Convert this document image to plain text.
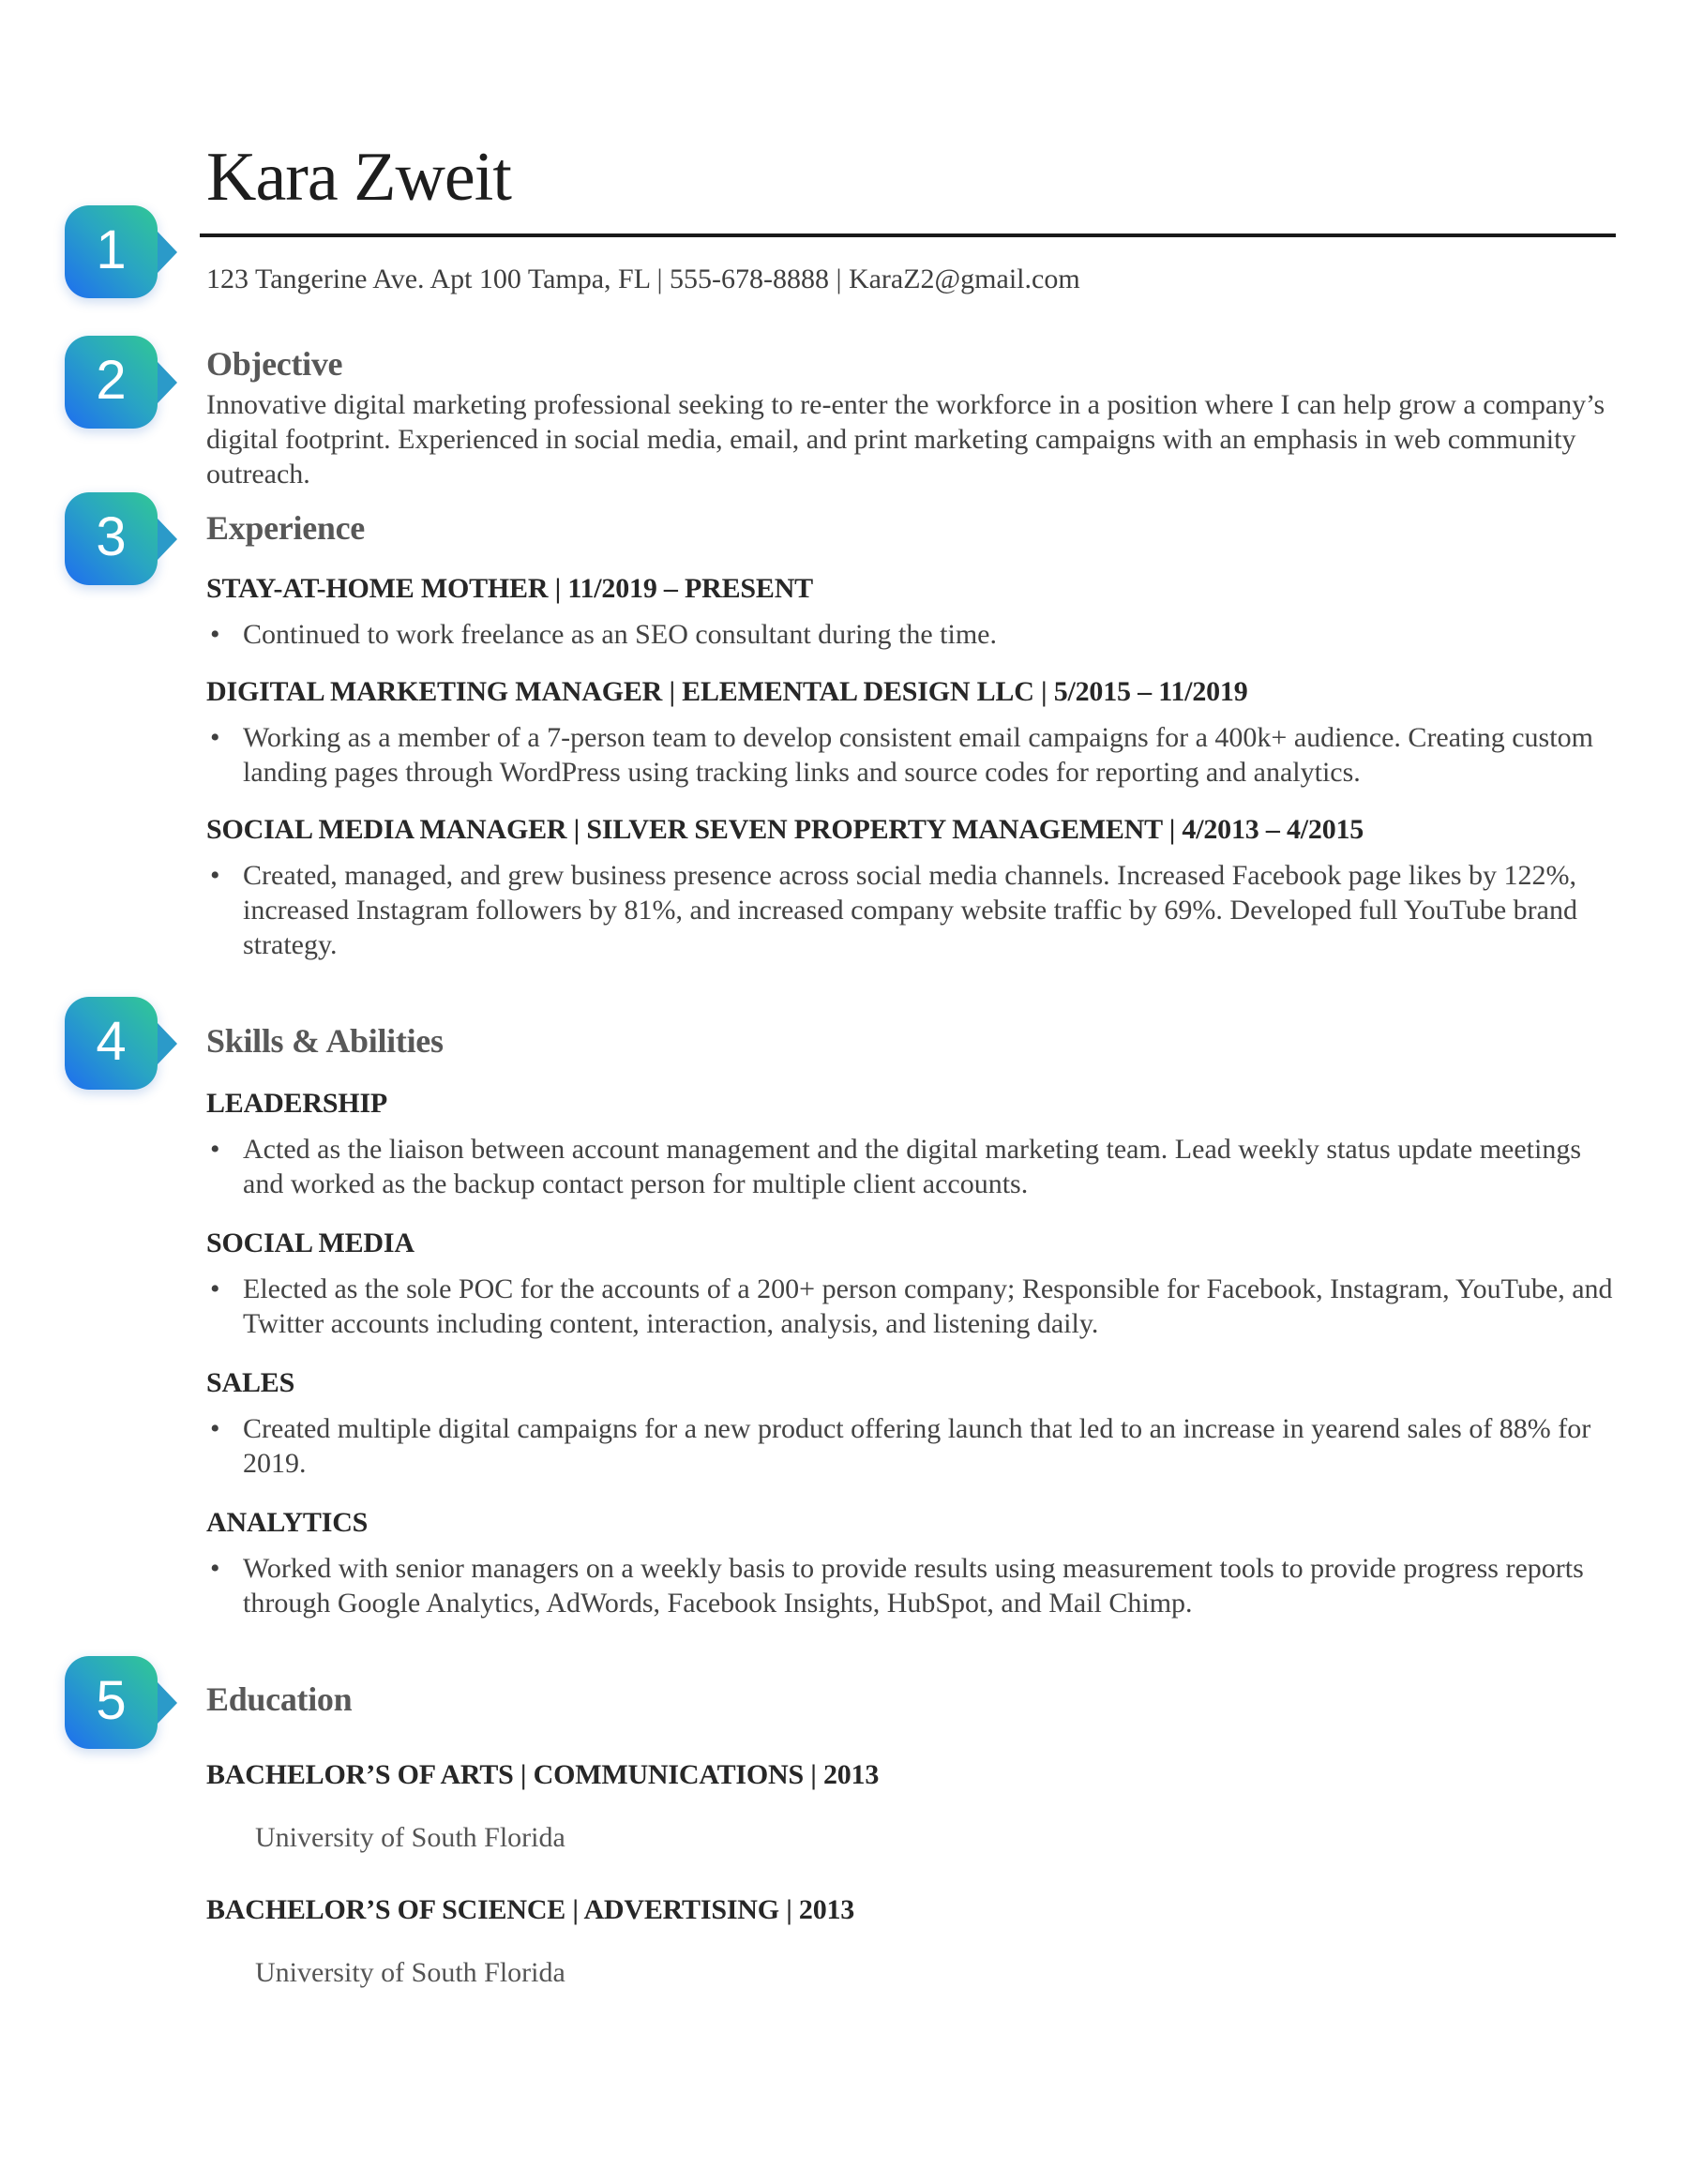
1
2
3
4
5
Kara Zweit
123 Tangerine Ave. Apt 100 Tampa, FL | 555-678-8888 | KaraZ2@gmail.com
Objective

Innovative digital marketing professional seeking to re-enter the workforce in a position where I can help grow a company’s digital footprint. Experienced in social media, email, and print marketing campaigns with an emphasis in web community outreach.

Experience
STAY-AT-HOME MOTHER | 11/2019 – PRESENT
• Continued to work freelance as an SEO consultant during the time.
DIGITAL MARKETING MANAGER | ELEMENTAL DESIGN LLC | 5/2015 – 11/2019
• Working as a member of a 7-person team to develop consistent email campaigns for a 400k+ audience. Creating custom landing pages through WordPress using tracking links and source codes for reporting and analytics.
SOCIAL MEDIA MANAGER | SILVER SEVEN PROPERTY MANAGEMENT | 4/2013 – 4/2015
• Created, managed, and grew business presence across social media channels. Increased Facebook page likes by 122%, increased Instagram followers by 81%, and increased company website traffic by 69%. Developed full YouTube brand strategy.
Skills & Abilities
LEADERSHIP
• Acted as the liaison between account management and the digital marketing team. Lead weekly status update meetings and worked as the backup contact person for multiple client accounts.
SOCIAL MEDIA
• Elected as the sole POC for the accounts of a 200+ person company; Responsible for Facebook, Instagram, YouTube, and Twitter accounts including content, interaction, analysis, and listening daily.
SALES
• Created multiple digital campaigns for a new product offering launch that led to an increase in yearend sales of 88% for 2019.
ANALYTICS
• Worked with senior managers on a weekly basis to provide results using measurement tools to provide progress reports through Google Analytics, AdWords, Facebook Insights, HubSpot, and Mail Chimp.
Education
BACHELOR’S OF ARTS | COMMUNICATIONS | 2013

University of South Florida

BACHELOR’S OF SCIENCE | ADVERTISING | 2013

University of South Florida
